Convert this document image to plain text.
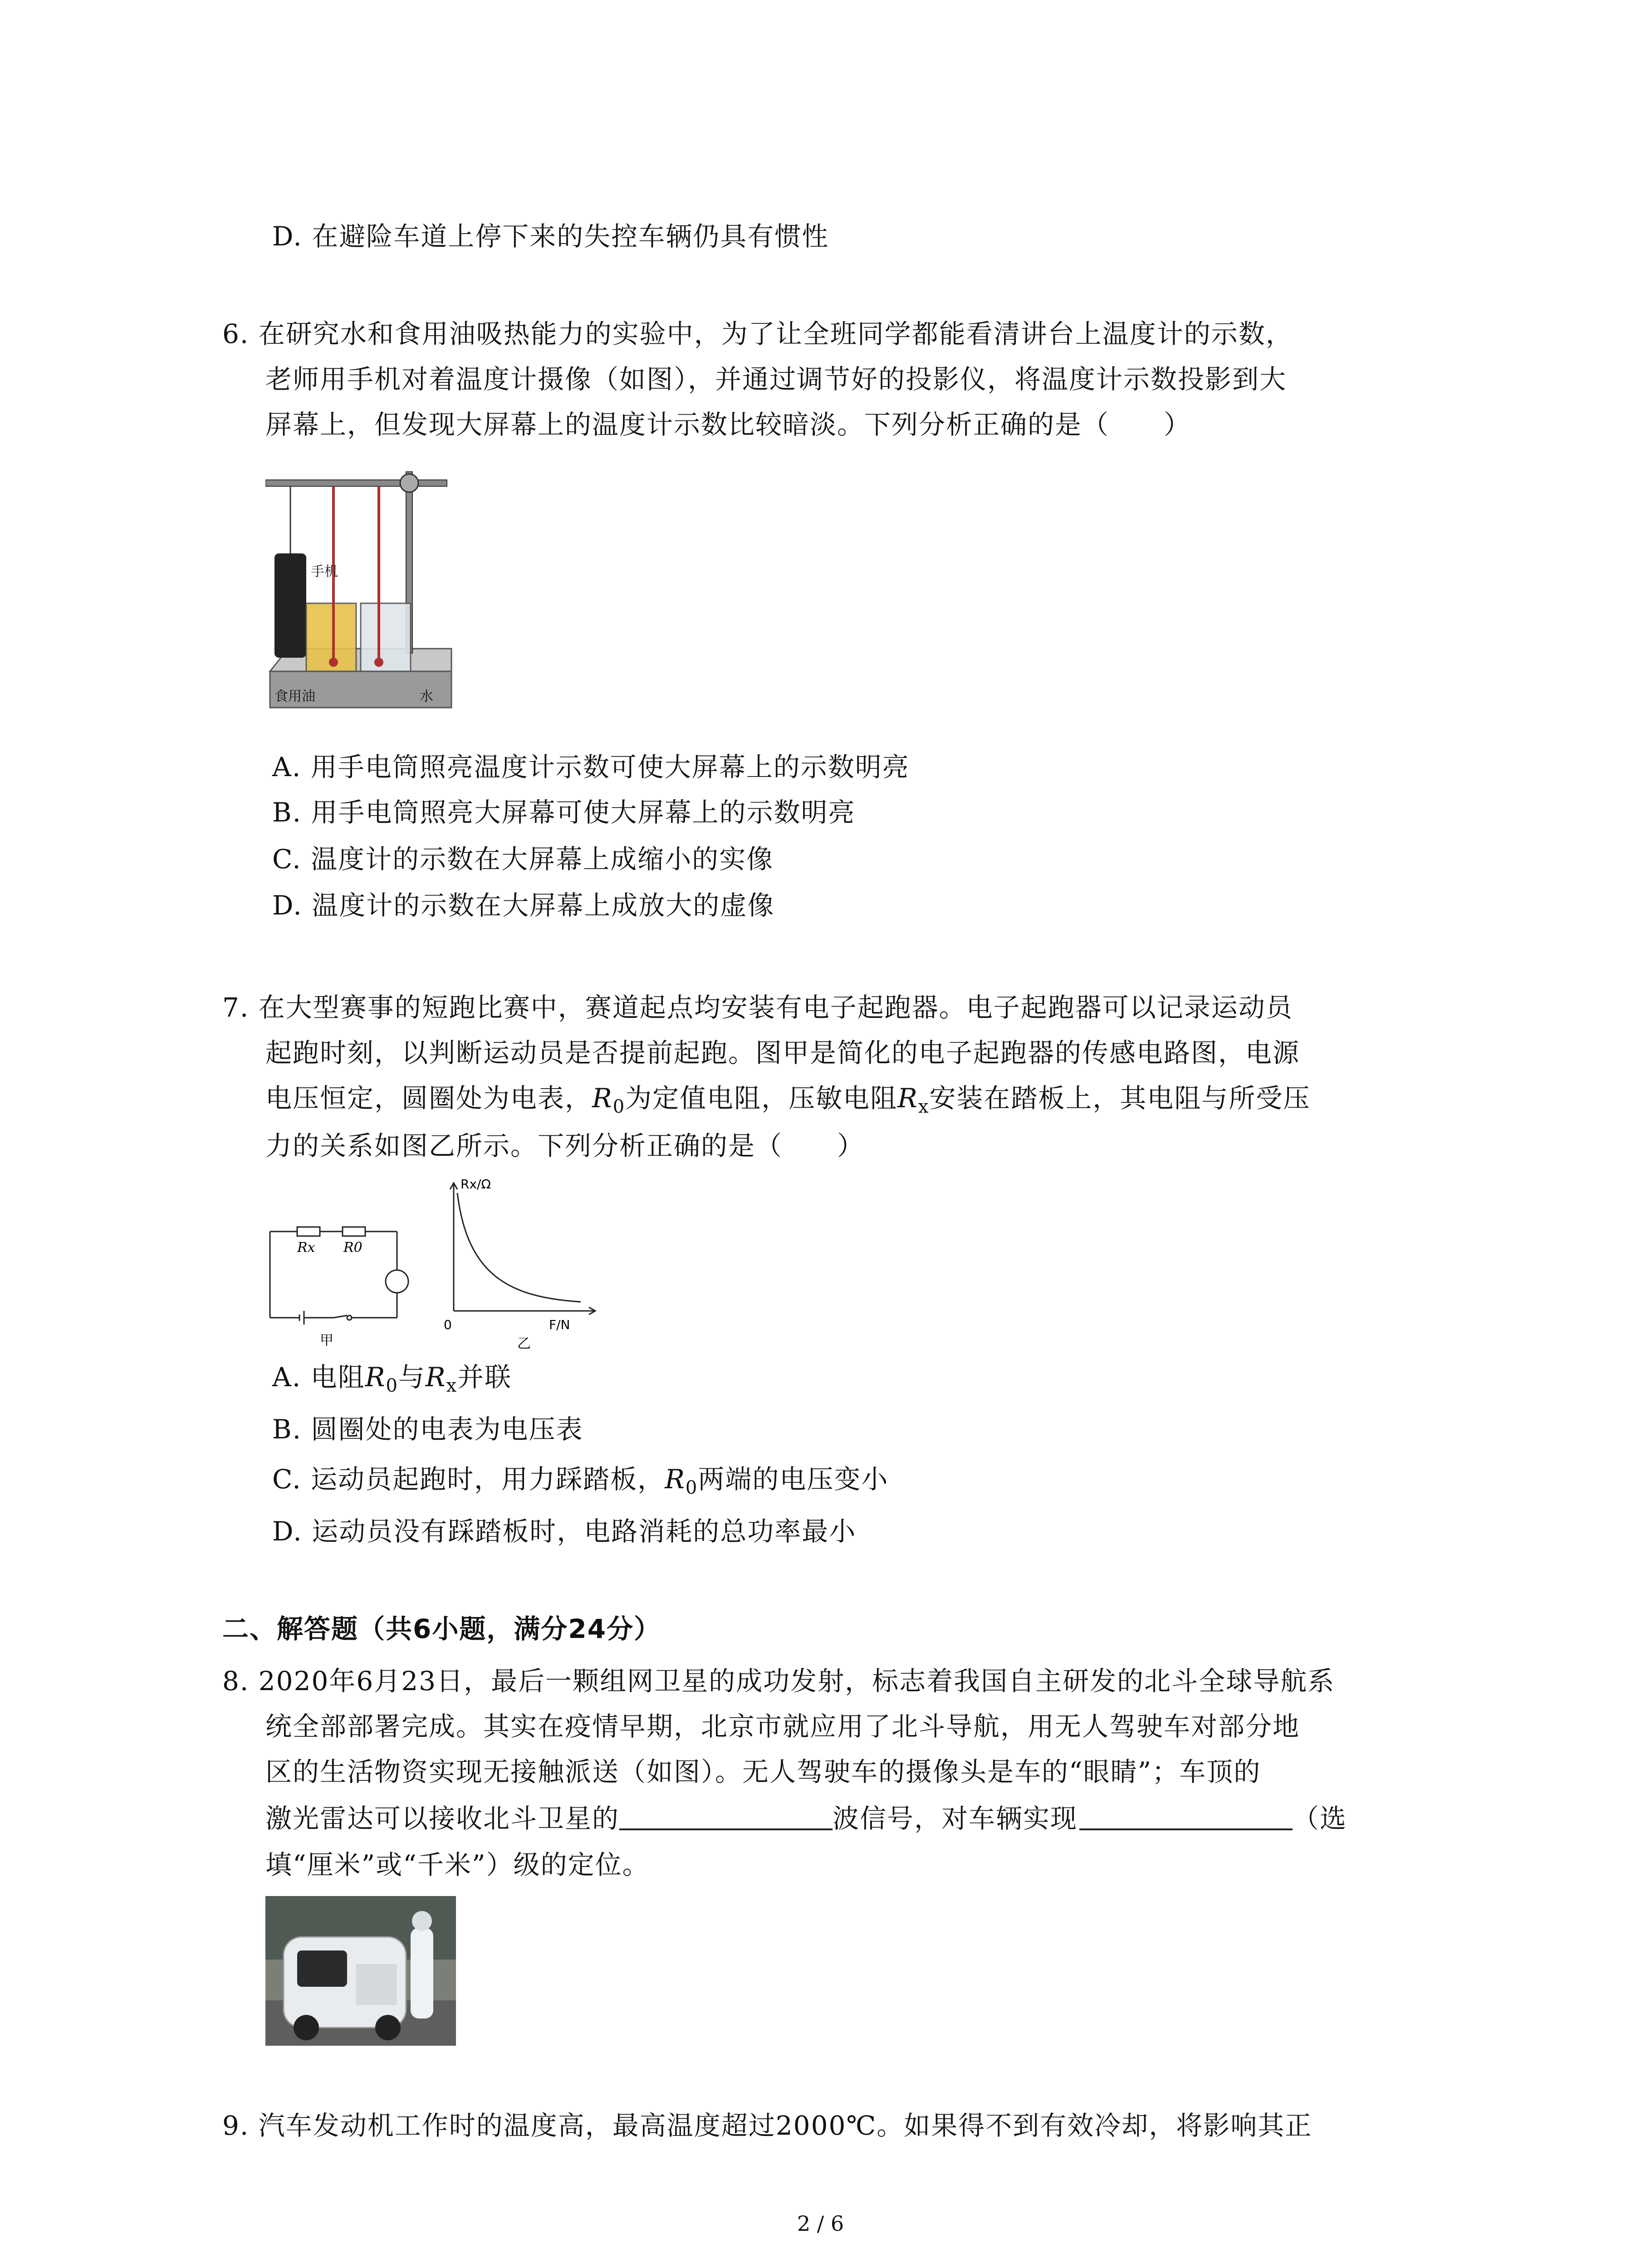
D. 在避险车道上停下来的失控车辆仍具有惯性
6. 在研究水和食用油吸热能力的实验中，为了让全班同学都能看清讲台上温度计的示数，
老师用手机对着温度计摄像（如图），并通过调节好的投影仪，将温度计示数投影到大
屏幕上，但发现大屏幕上的温度计示数比较暗淡。下列分析正确的是（　　）
手机
食用油	水
A. 用手电筒照亮温度计示数可使大屏幕上的示数明亮
B. 用手电筒照亮大屏幕可使大屏幕上的示数明亮
C. 温度计的示数在大屏幕上成缩小的实像
D. 温度计的示数在大屏幕上成放大的虚像
7. 在大型赛事的短跑比赛中，赛道起点均安装有电子起跑器。电子起跑器可以记录运动员
起跑时刻，以判断运动员是否提前起跑。图甲是简化的电子起跑器的传感电路图，电源
电压恒定，圆圈处为电表，$R_0$为定值电阻，压敏电阻$R_x$安装在踏板上，其电阻与所受压
力的关系如图乙所示。下列分析正确的是（　　）
Rx R0
甲
Rx/Ω
F/N
0
乙
A. 电阻$R_0$与$R_x$并联
B. 圆圈处的电表为电压表
C. 运动员起跑时，用力踩踏板，$R_0$两端的电压变小
D. 运动员没有踩踏板时，电路消耗的总功率最小
二、解答题（共6小题，满分24分）
8. 2020年6月23日，最后一颗组网卫星的成功发射，标志着我国自主研发的北斗全球导航系
统全部部署完成。其实在疫情早期，北京市就应用了北斗导航，用无人驾驶车对部分地
区的生活物资实现无接触派送（如图）。无人驾驶车的摄像头是车的“眼睛”；车顶的
激光雷达可以接收北斗卫星的	波信号，对车辆实现	（选
填“厘米”或“千米”）级的定位。
9. 汽车发动机工作时的温度高，最高温度超过2000℃。如果得不到有效冷却，将影响其正
2 / 6
